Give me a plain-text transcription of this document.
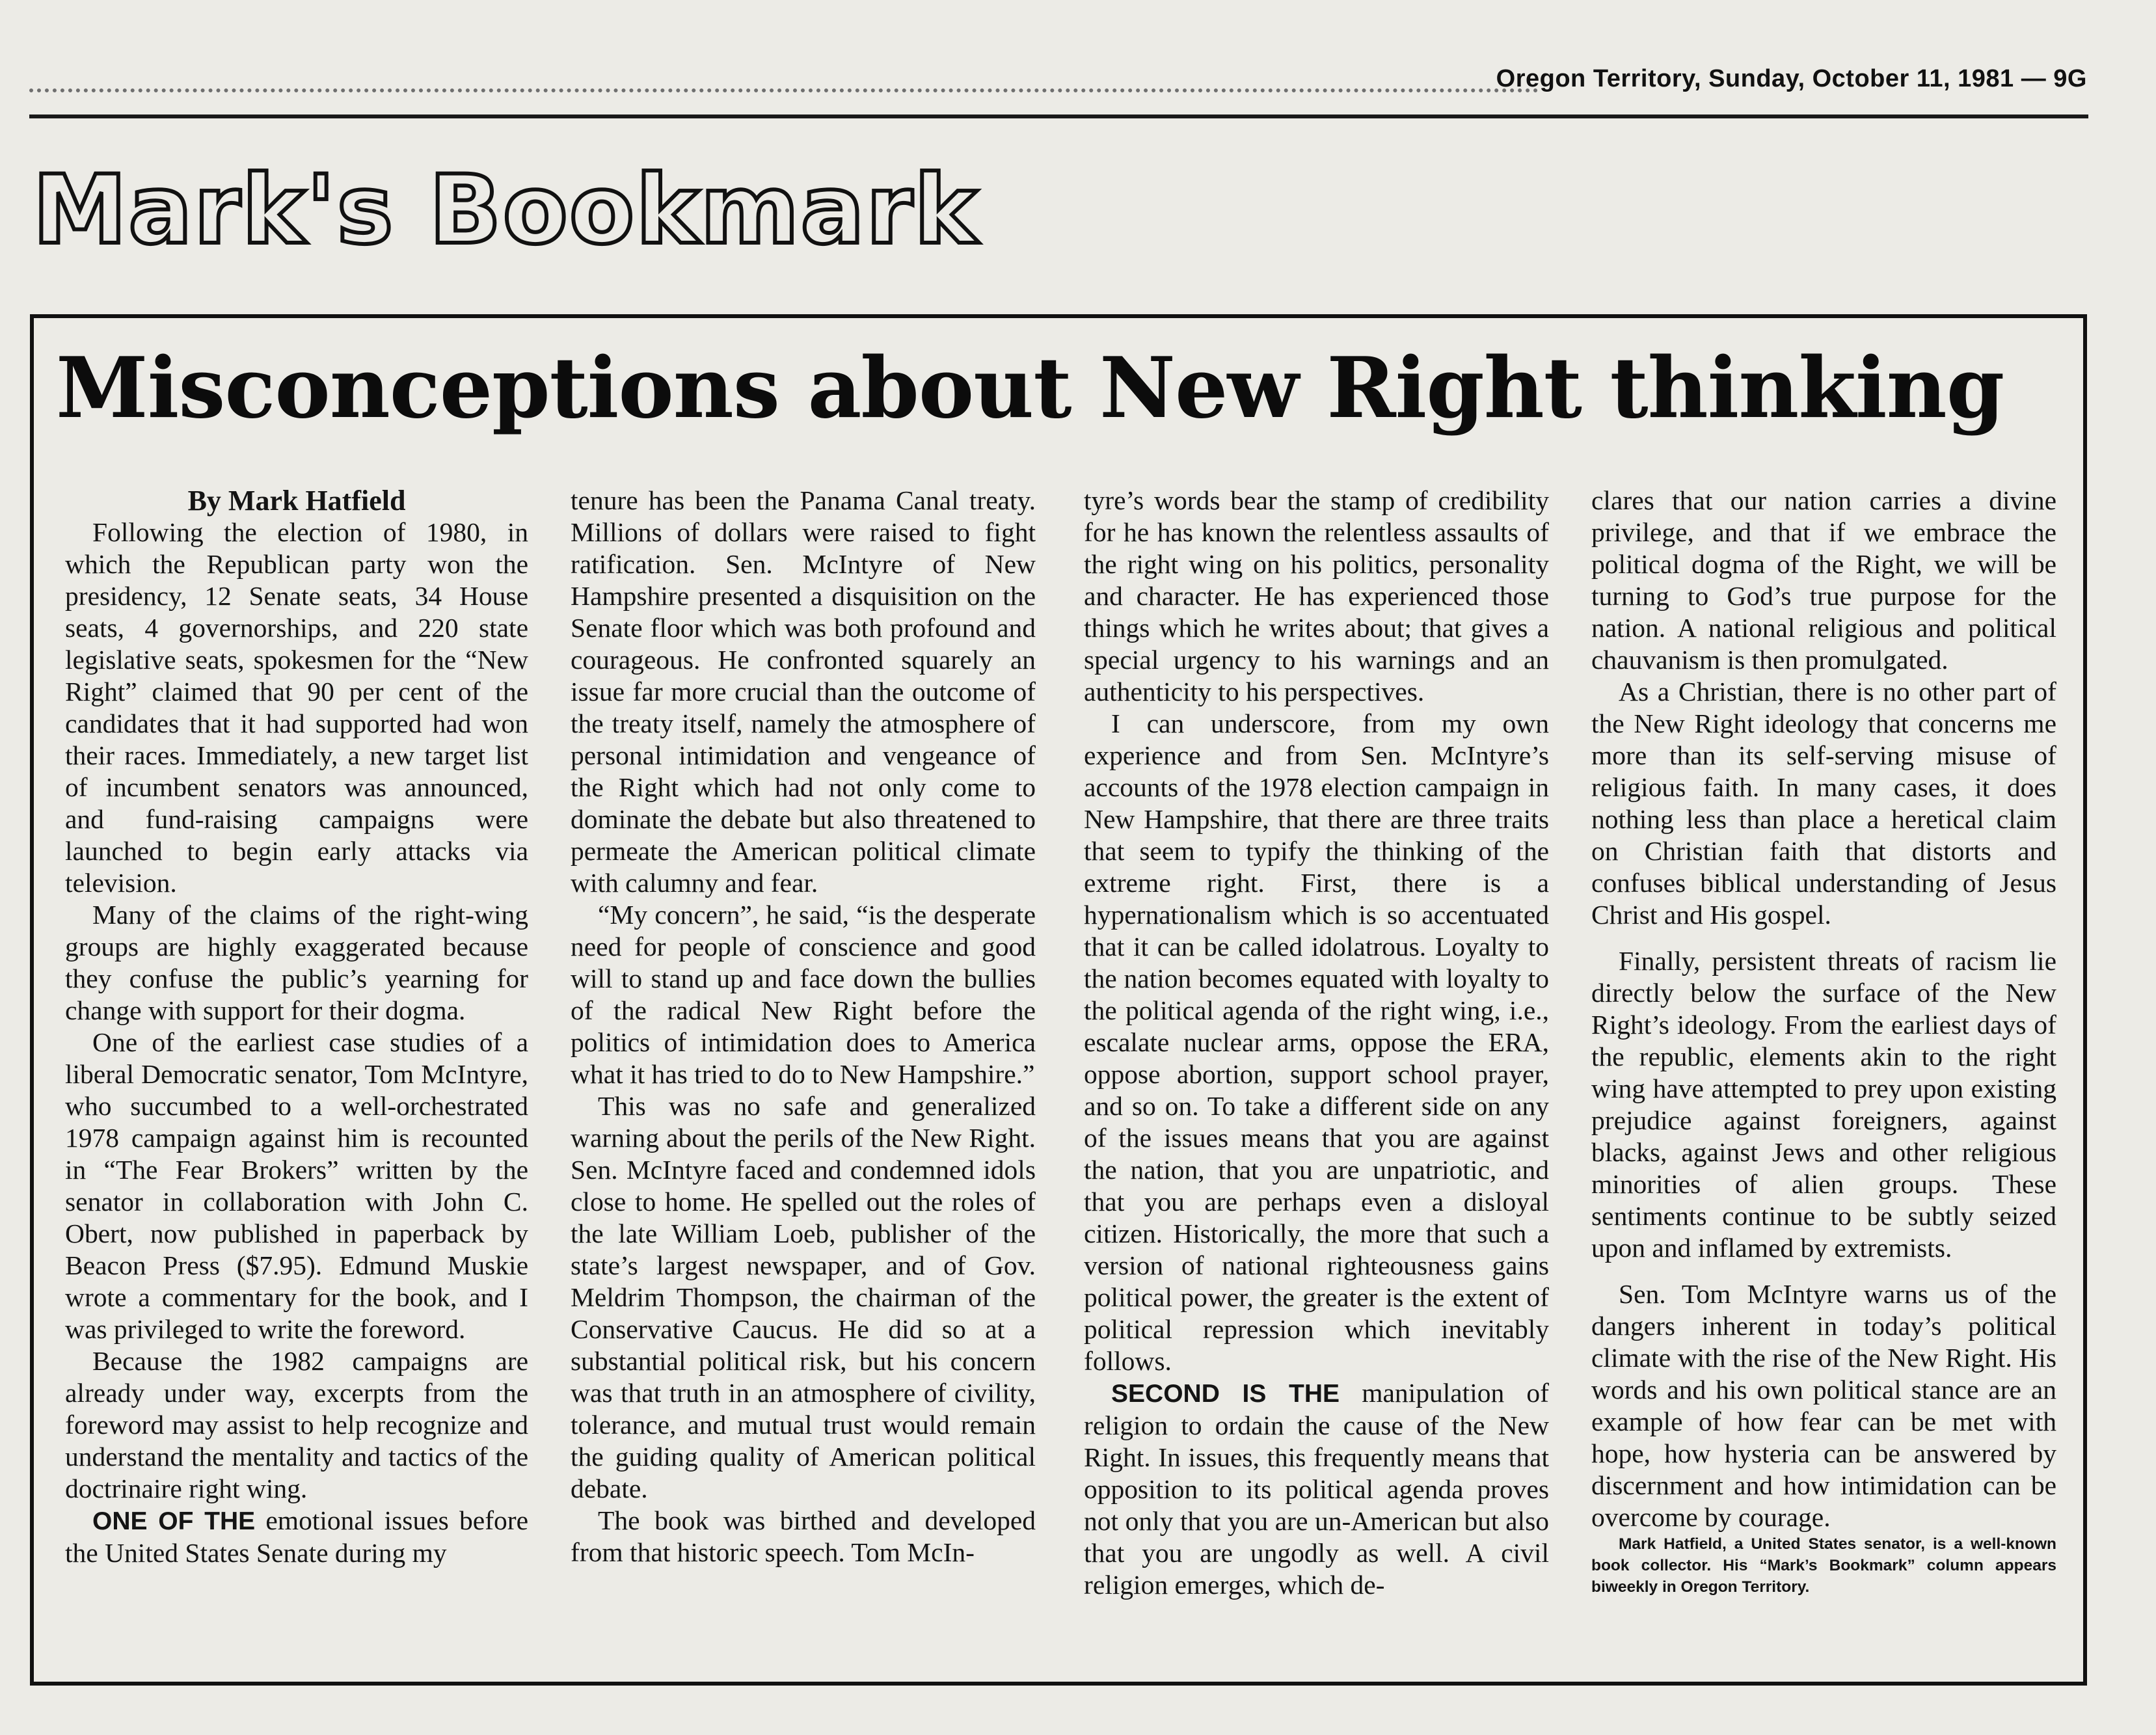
Oregon Territory, Sunday, October 11, 1981 — 9G
Mark's Bookmark
Misconceptions about New Right thinking

By Mark Hatfield

Following the election of 1980, in which the Republican party won the presidency, 12 Senate seats, 34 House seats, 4 governorships, and 220 state legislative seats, spokesmen for the “New Right” claimed that 90 per cent of the candidates that it had supported had won their races. Immediately, a new target list of incumbent senators was announced, and fund-raising campaigns were launched to begin early attacks via television.

Many of the claims of the right-wing groups are highly exaggerated because they confuse the public’s yearning for change with support for their dogma.

One of the earliest case studies of a liberal Democratic senator, Tom McIntyre, who succumbed to a well-orchestrated 1978 campaign against him is recounted in “The Fear Brokers” written by the senator in collaboration with John C. Obert, now published in paperback by Beacon Press ($7.95). Edmund Muskie wrote a commentary for the book, and I was privileged to write the foreword.

Because the 1982 campaigns are already under way, excerpts from the foreword may assist to help recognize and understand the mentality and tactics of the doctrinaire right wing.

ONE OF THE emotional issues before the United States Senate during my

tenure has been the Panama Canal treaty. Millions of dollars were raised to fight ratification. Sen. McIntyre of New Hampshire presented a disquisition on the Senate floor which was both profound and courageous. He confronted squarely an issue far more crucial than the outcome of the treaty itself, namely the atmosphere of personal intimidation and vengeance of the Right which had not only come to dominate the debate but also threatened to permeate the American political climate with calumny and fear.

“My concern”, he said, “is the desperate need for people of conscience and good will to stand up and face down the bullies of the radical New Right before the politics of intimidation does to America what it has tried to do to New Hampshire.”

This was no safe and generalized warning about the perils of the New Right. Sen. McIntyre faced and condemned idols close to home. He spelled out the roles of the late William Loeb, publisher of the state’s largest newspaper, and of Gov. Meldrim Thompson, the chairman of the Conservative Caucus. He did so at a substantial political risk, but his concern was that truth in an atmosphere of civility, tolerance, and mutual trust would remain the guiding quality of American political debate.

The book was birthed and developed from that historic speech. Tom McIn-

tyre’s words bear the stamp of credibility for he has known the relentless assaults of the right wing on his politics, personality and character. He has experienced those things which he writes about; that gives a special urgency to his warnings and an authenticity to his perspectives.

I can underscore, from my own experience and from Sen. McIntyre’s accounts of the 1978 election campaign in New Hampshire, that there are three traits that seem to typify the thinking of the extreme right. First, there is a hypernationalism which is so accentuated that it can be called idolatrous. Loyalty to the nation becomes equated with loyalty to the political agenda of the right wing, i.e., escalate nuclear arms, oppose the ERA, oppose abortion, support school prayer, and so on. To take a different side on any of the issues means that you are against the nation, that you are unpatriotic, and that you are perhaps even a disloyal citizen. Historically, the more that such a version of national righteousness gains political power, the greater is the extent of political repression which inevitably follows.

SECOND IS THE manipulation of religion to ordain the cause of the New Right. In issues, this frequently means that opposition to its political agenda proves not only that you are un-American but also that you are ungodly as well. A civil religion emerges, which de-

clares that our nation carries a divine privilege, and that if we embrace the political dogma of the Right, we will be turning to God’s true purpose for the nation. A national religious and political chauvanism is then promulgated.

As a Christian, there is no other part of the New Right ideology that concerns me more than its self-serving misuse of religious faith. In many cases, it does nothing less than place a heretical claim on Christian faith that distorts and confuses biblical understanding of Jesus Christ and His gospel.

Finally, persistent threats of racism lie directly below the surface of the New Right’s ideology. From the earliest days of the republic, elements akin to the right wing have attempted to prey upon existing prejudice against foreigners, against blacks, against Jews and other religious minorities of alien groups. These sentiments continue to be subtly seized upon and inflamed by extremists.

Sen. Tom McIntyre warns us of the dangers inherent in today’s political climate with the rise of the New Right. His words and his own political stance are an example of how fear can be met with hope, how hysteria can be answered by discernment and how intimidation can be overcome by courage.

Mark Hatfield, a United States senator, is a well-known book collector. His “Mark’s Bookmark” column appears biweekly in Oregon Territory.
